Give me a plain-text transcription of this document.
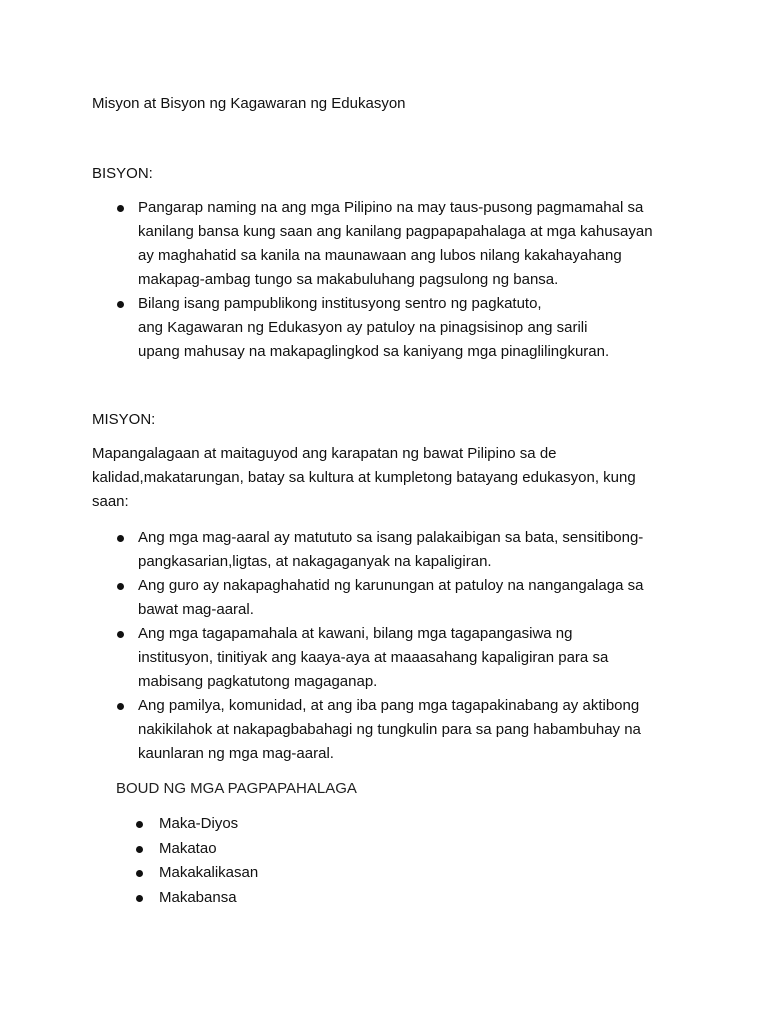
Misyon at Bisyon ng Kagawaran ng Edukasyon
BISYON:
Pangarap naming na ang mga Pilipino na may taus-pusong pagmamahal sa
kanilang bansa kung saan ang kanilang pagpapapahalaga at mga kahusayan
ay maghahatid sa kanila na maunawaan ang lubos nilang kakahayahang
makapag-ambag tungo sa makabuluhang pagsulong ng bansa.
Bilang isang pampublikong institusyong sentro ng pagkatuto,
ang Kagawaran ng Edukasyon ay patuloy na pinagsisinop ang sarili
upang mahusay na makapaglingkod sa kaniyang mga pinaglilingkuran.
MISYON:
Mapangalagaan at maitaguyod ang karapatan ng bawat Pilipino sa de
kalidad,makatarungan, batay sa kultura at kumpletong batayang edukasyon, kung
saan:
Ang mga mag-aaral ay matututo sa isang palakaibigan sa bata, sensitibong-
pangkasarian,ligtas, at nakagaganyak na kapaligiran.
Ang guro ay nakapaghahatid ng karunungan at patuloy na nangangalaga sa
bawat mag-aaral.
Ang mga tagapamahala at kawani, bilang mga tagapangasiwa ng
institusyon, tinitiyak ang kaaya-aya at maaasahang kapaligiran para sa
mabisang pagkatutong magaganap.
Ang pamilya, komunidad, at ang iba pang mga tagapakinabang ay aktibong
nakikilahok at nakapagbabahagi ng tungkulin para sa pang habambuhay na
kaunlaran ng mga mag-aaral.
BOUD NG MGA PAGPAPAHALAGA
Maka-Diyos
Makatao
Makakalikasan
Makabansa
